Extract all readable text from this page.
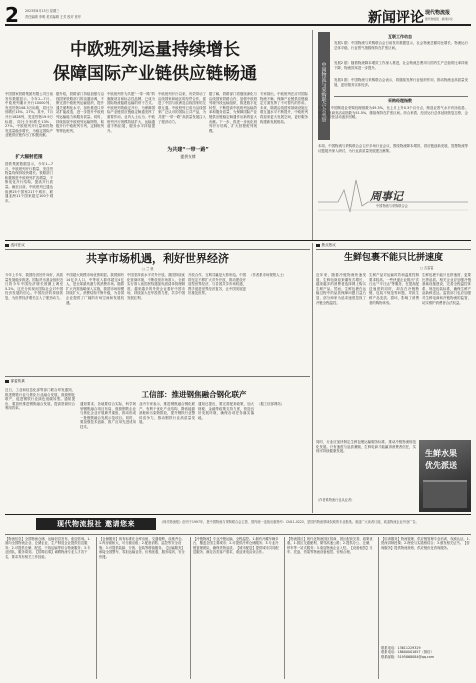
2 2023年8月13日 星期三
责任编辑 李明 美术编辑 王芳 校对 张华	新闻评论 现代物流报
现代物流报 · 新闻评论
中欧班列运量持续增长
保障国际产业链供应链畅通
中国国家铁路集团有限公司日前发布数据显示，今年1—7月，中欧班列累计开行10000列、发送货物108.3万标箱，同比分别增长13%、27%。其中，7月开行1828列，发送货物19.9万标箱，同比分别增长13%、27%。中欧班列开行量和货物发送量稳步增长，为稳定国际产业链供应链作出了积极贡献。
扩大辐射范围
国铁集团数据显示，今年1—7月，中欧班列开行数量、发送货物量均保持较快增长。铁路部门积极推进中欧班列扩容增量，不断优化开行结构，提高开行质量。截至目前，中欧班列已通达欧洲25个国家217个城市，联通亚洲11个国家超过100个城市。
据介绍，铁路部门持续加强与沿线国家铁路部门的沟通协调，不断完善中欧班列运输组织，提升通关便利化水平，加快推进口岸站扩能改造，进一步提升中欧班列运输能力和服务质量。同时，持续拓展中欧班列运输网络，积极开行中欧班列专列、定制班列等特色班列。
中欧班列作为共建“一带一路”的旗舰项目和标志性品牌，已成为国际物流陆路运输的骨干方式。中欧班列的稳定开行，为保障国际产业链供应链稳定畅通发挥了重要作用。业内人士认为，中欧班列开行规模持续扩大，运输通道不断拓展，服务水平持续提升。
中欧班列开行以来，有效带动了沿线国家和地区的经贸合作，促进了中国与欧洲及沿线国家的互联互通。中欧班列已成为沿线国家广泛认可的国际公共产品，为共建“一带一路”高质量发展注入了强劲动力。
为共建“一带一路”
提供支撑
据了解，铁路部门将继续深化与沿线国家铁路合作，加强中欧班列境外段运输组织，推进数字化转型，不断提高中欧班列运输效率和服务质量，为保障国际产业链供应链稳定畅通作出新的更大贡献。下一步，将进一步优化班列开行结构，扩大回程班列规模。
专家指出，中欧班列在应对国际物流不畅、保障产业链供应链稳定方面发挥了不可替代的作用。未来，随着沿线国家基础设施互联互通水平不断提升，中欧班列将迎来更大发展空间，更好服务构建新发展格局。	中国物流与采购联合会观察
互联工作动态
发展1 据：中国物流与采购联合会日前发布数据显示，社会物流总额同比增长，物流运行总体平稳，行业景气指数保持在扩张区间。
发展2 据：随着物流降本增效工作深入推进，社会物流总费用与国内生产总值的比率持续下降，物流效率进一步提升。
发展3 据：中国物流与采购联合会表示，将继续发挥行业组织作用，推动物流业高质量发展，更好服务实体经济。
采购经理指数
7月份，中国制造业采购经理指数为49.3%，比上月上升0.3个百分点，制造业景气水平有所改善。非制造业商务活动指数为51.5%，继续保持在扩张区间。综合来看，经济运行总体延续恢复态势，企业生产经营活动逐步回暖。
周事记
中国物流与采购联合会
本周，中国物流与采购联合会召开多场行业会议，围绕物流降本增效、供应链创新发展、智慧物流等议题展开深入研讨，为行业高质量发展建言献策。
浅评在议
共享市场机遇，利好世界经济
□ 兰 晨
今年上半年，我国经济回升向好，高质量发展稳步推进。国际货币基金组织近日将今年中国经济增长预期上调至5.2%，这充分体现出国际社会对中国经济发展的信心。中国经济的持续恢复，为世界经济增长注入了强劲动力。
中国超大规模市场优势明显。我国拥有14亿多人口，中等收入群体超过4亿人，是全球最具潜力的消费市场。随着扩大内需战略深入实施，我国市场规模持续扩大，消费结构不断升级，为各国企业提供了广阔的市场空间和发展机遇。
中国坚持高水平对外开放。我国持续优化营商环境，不断放宽市场准入，全面实行准入前国民待遇加负面清单管理制度。越来越多的外资企业看好中国市场，持续加大在华投资力度，共享中国发展红利。
开放合作、互利共赢是大势所趋。中国将坚定不移扩大对外开放，推动建设开放型世界经济，与各国共享市场机遇，携手促进世界经济复苏，让中国发展更好惠及世界。
（作者系市场观察人士）
焦点热议
生鲜包裹不能只比拼速度
□ 吉雷雷
近年来，随着冷链物流快速发展，生鲜电商迎来爆发式增长，越来越多的消费者选择网上购买生鲜产品。然而，生鲜包裹在运输过程中的品质保障问题日益凸显，部分商家为追求速度忽视了冷链全程温控。
生鲜产品对运输时效和温度控制要求较高。一些快递企业推出“次日达”“半日达”等服务，在提高配送速度的同时，却存在冷链断链、包装不规范等问题，导致生鲜产品变质、损坏，影响了消费者的购物体验。
生鲜包裹不能只比拼速度，更要比拼品质。相关企业应加强冷链基础设施建设，完善全程温控体系，规范包装标准，确保生鲜产品新鲜送达。监管部门也应加强对生鲜电商和冷链物流的监管，切实维护消费者合法权益。
同时，行业应加快制定生鲜包裹运输服务标准，推动冷链物流规范化发展。只有速度与品质兼顾，生鲜电商才能赢得消费者信任，实现可持续健康发展。
（作者系物流行业从业者）
生鲜水果
优先派送
部委传真
近日，工业和信息化部等部门联合印发通知，推进钢铁行业与焦化行业融合发展，鼓励钢化联产，促进钢铁行业绿色低碳转型。通知提出，要加快推进钢焦融合发展，提高资源综合利用效率。
工信部：推进钢焦融合钢化联产
通知要求，各地要结合实际，科学规划钢焦融合项目布局，鼓励钢铁企业与焦化企业开展兼并重组，推动形成一批钢焦融合发展示范项目。同时，要加强技术创新，推广应用先进适用技术。
业内专家表示，推进钢焦融合钢化联产，有利于优化产业结构，降低能源消耗和污染物排放，提升钢铁行业整体竞争力，推动钢铁行业高质量发展。
通知还提出，要完善配套政策，加大财税、金融等政策支持力度，营造良好发展环境，确保各项任务落实落地。
（据工信部网站）
现代物流报社 邀请您来	《现代物流报》创刊于1997年，是中国物流与采购联合会主管、国内统一连续出版物号：CN11-0222，是国内物流领域权威的专业报纸。欢迎广大读者订阅，欢迎物流企业刊登广告。
【物流信息】全国物流仓储、运输信息发布，欢迎咨询。1.面向全国物流企业、仓储企业、生产制造企业提供信息服务；2.可提供仓储、配送、干线运输等综合物流服务；3.专业团队，服务周到。【招聘启事】诚聘物流专业人才若干名，要求具有相关工作经验。
【仓储服务】现有标准化仓库出租，交通便利，设施齐全。1.库房面积大，可分割出租；2.配备消防、监控等安全设施；3.可提供装卸、分拣、包装等增值服务。【运输服务】承接全国整车、零担运输业务，价格优惠，服务周到，安全快捷。
【冷链物流】专业冷链运输，全程温控。1.拥有冷藏车辆多台，覆盖全国主要城市；2.可提供冷库仓储服务；3.专业冷链管理团队，确保货物品质。【城市配送】提供城市共同配送服务，满足各类客户需求，欢迎来电洽谈合作。
【物流园区】现代化物流园区招商，园区配套完善，政策优惠。1.园区交通便利，紧邻高速公路；2.提供办公、仓储、停车等一站式服务；3.欢迎物流企业入驻。【设备租赁】叉车、托盘、货架等物流设备租赁，价格合理。
【培训服务】物流管理、供应链管理专业培训，权威认证。1.资深讲师授课；2.理论与实践相结合；3.颁发相关证书。【咨询服务】提供物流规划、供应链优化咨询服务。
联系电话：13611229329
联系电话：18600001657（微信）
联系邮箱：5195868084@qq.com
